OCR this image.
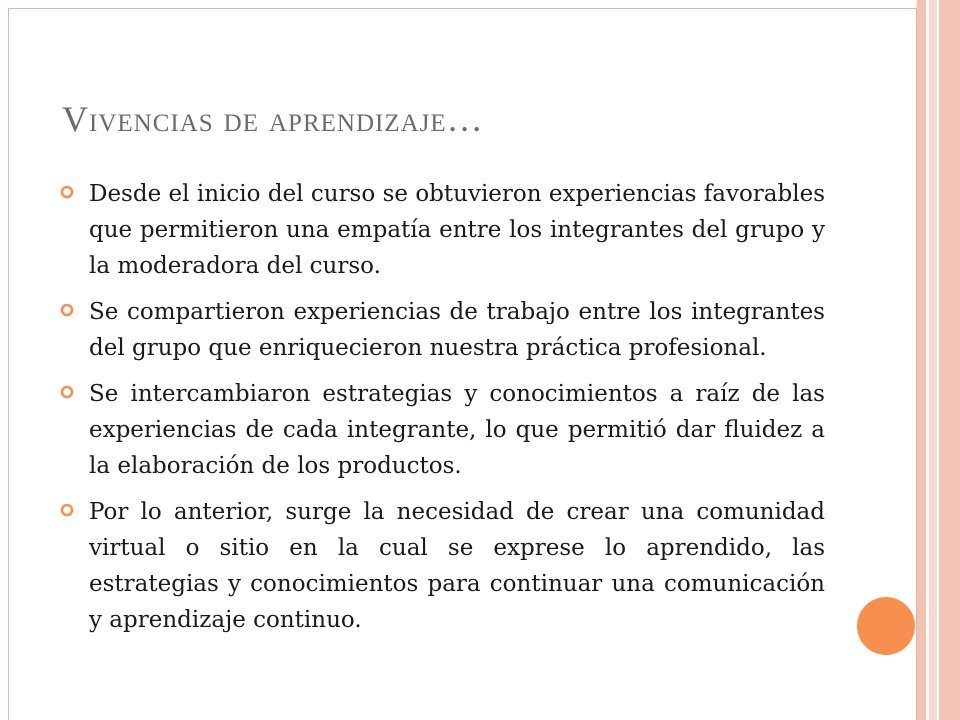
Vivencias de aprendizaje…
Desde el inicio del curso se obtuvieron experiencias favorables que permitieron una empatía entre los integrantes del grupo y la moderadora del curso.
Se compartieron experiencias de trabajo entre los integrantes del grupo que enriquecieron nuestra práctica profesional.
Se intercambiaron estrategias y conocimientos a raíz de las experiencias de cada integrante, lo que permitió dar fluidez a la elaboración de los productos.
Por lo anterior, surge la necesidad de crear una comunidad virtual o sitio en la cual se exprese lo aprendido, las estrategias y conocimientos para continuar una comunicación y aprendizaje continuo.
